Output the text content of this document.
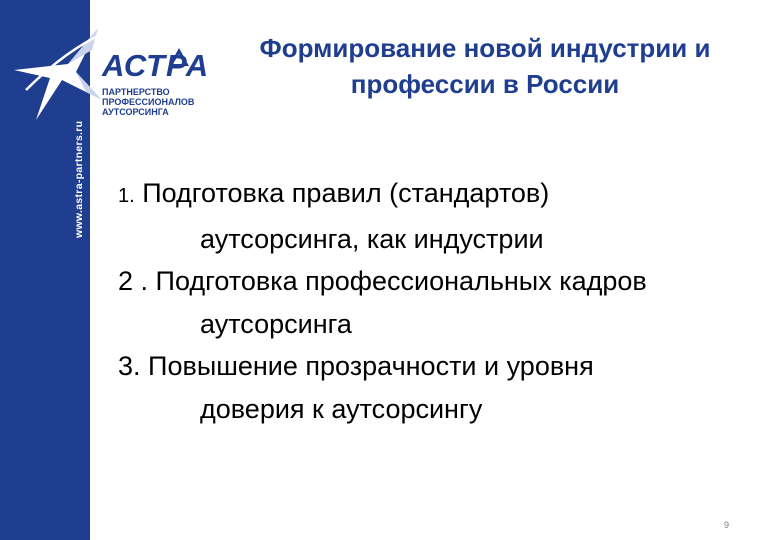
www.astra-partners.ru
АСТРА
ПАРТНЕРСТВО
ПРОФЕССИОНАЛОВ
АУТСОРСИНГА
Формирование новой индустрии и
профессии в России
1. Подготовка правил (стандартов)
аутсорсинга, как индустрии
2 . Подготовка профессиональных кадров
аутсорсинга
3. Повышение прозрачности и уровня
доверия к аутсорсингу
9
